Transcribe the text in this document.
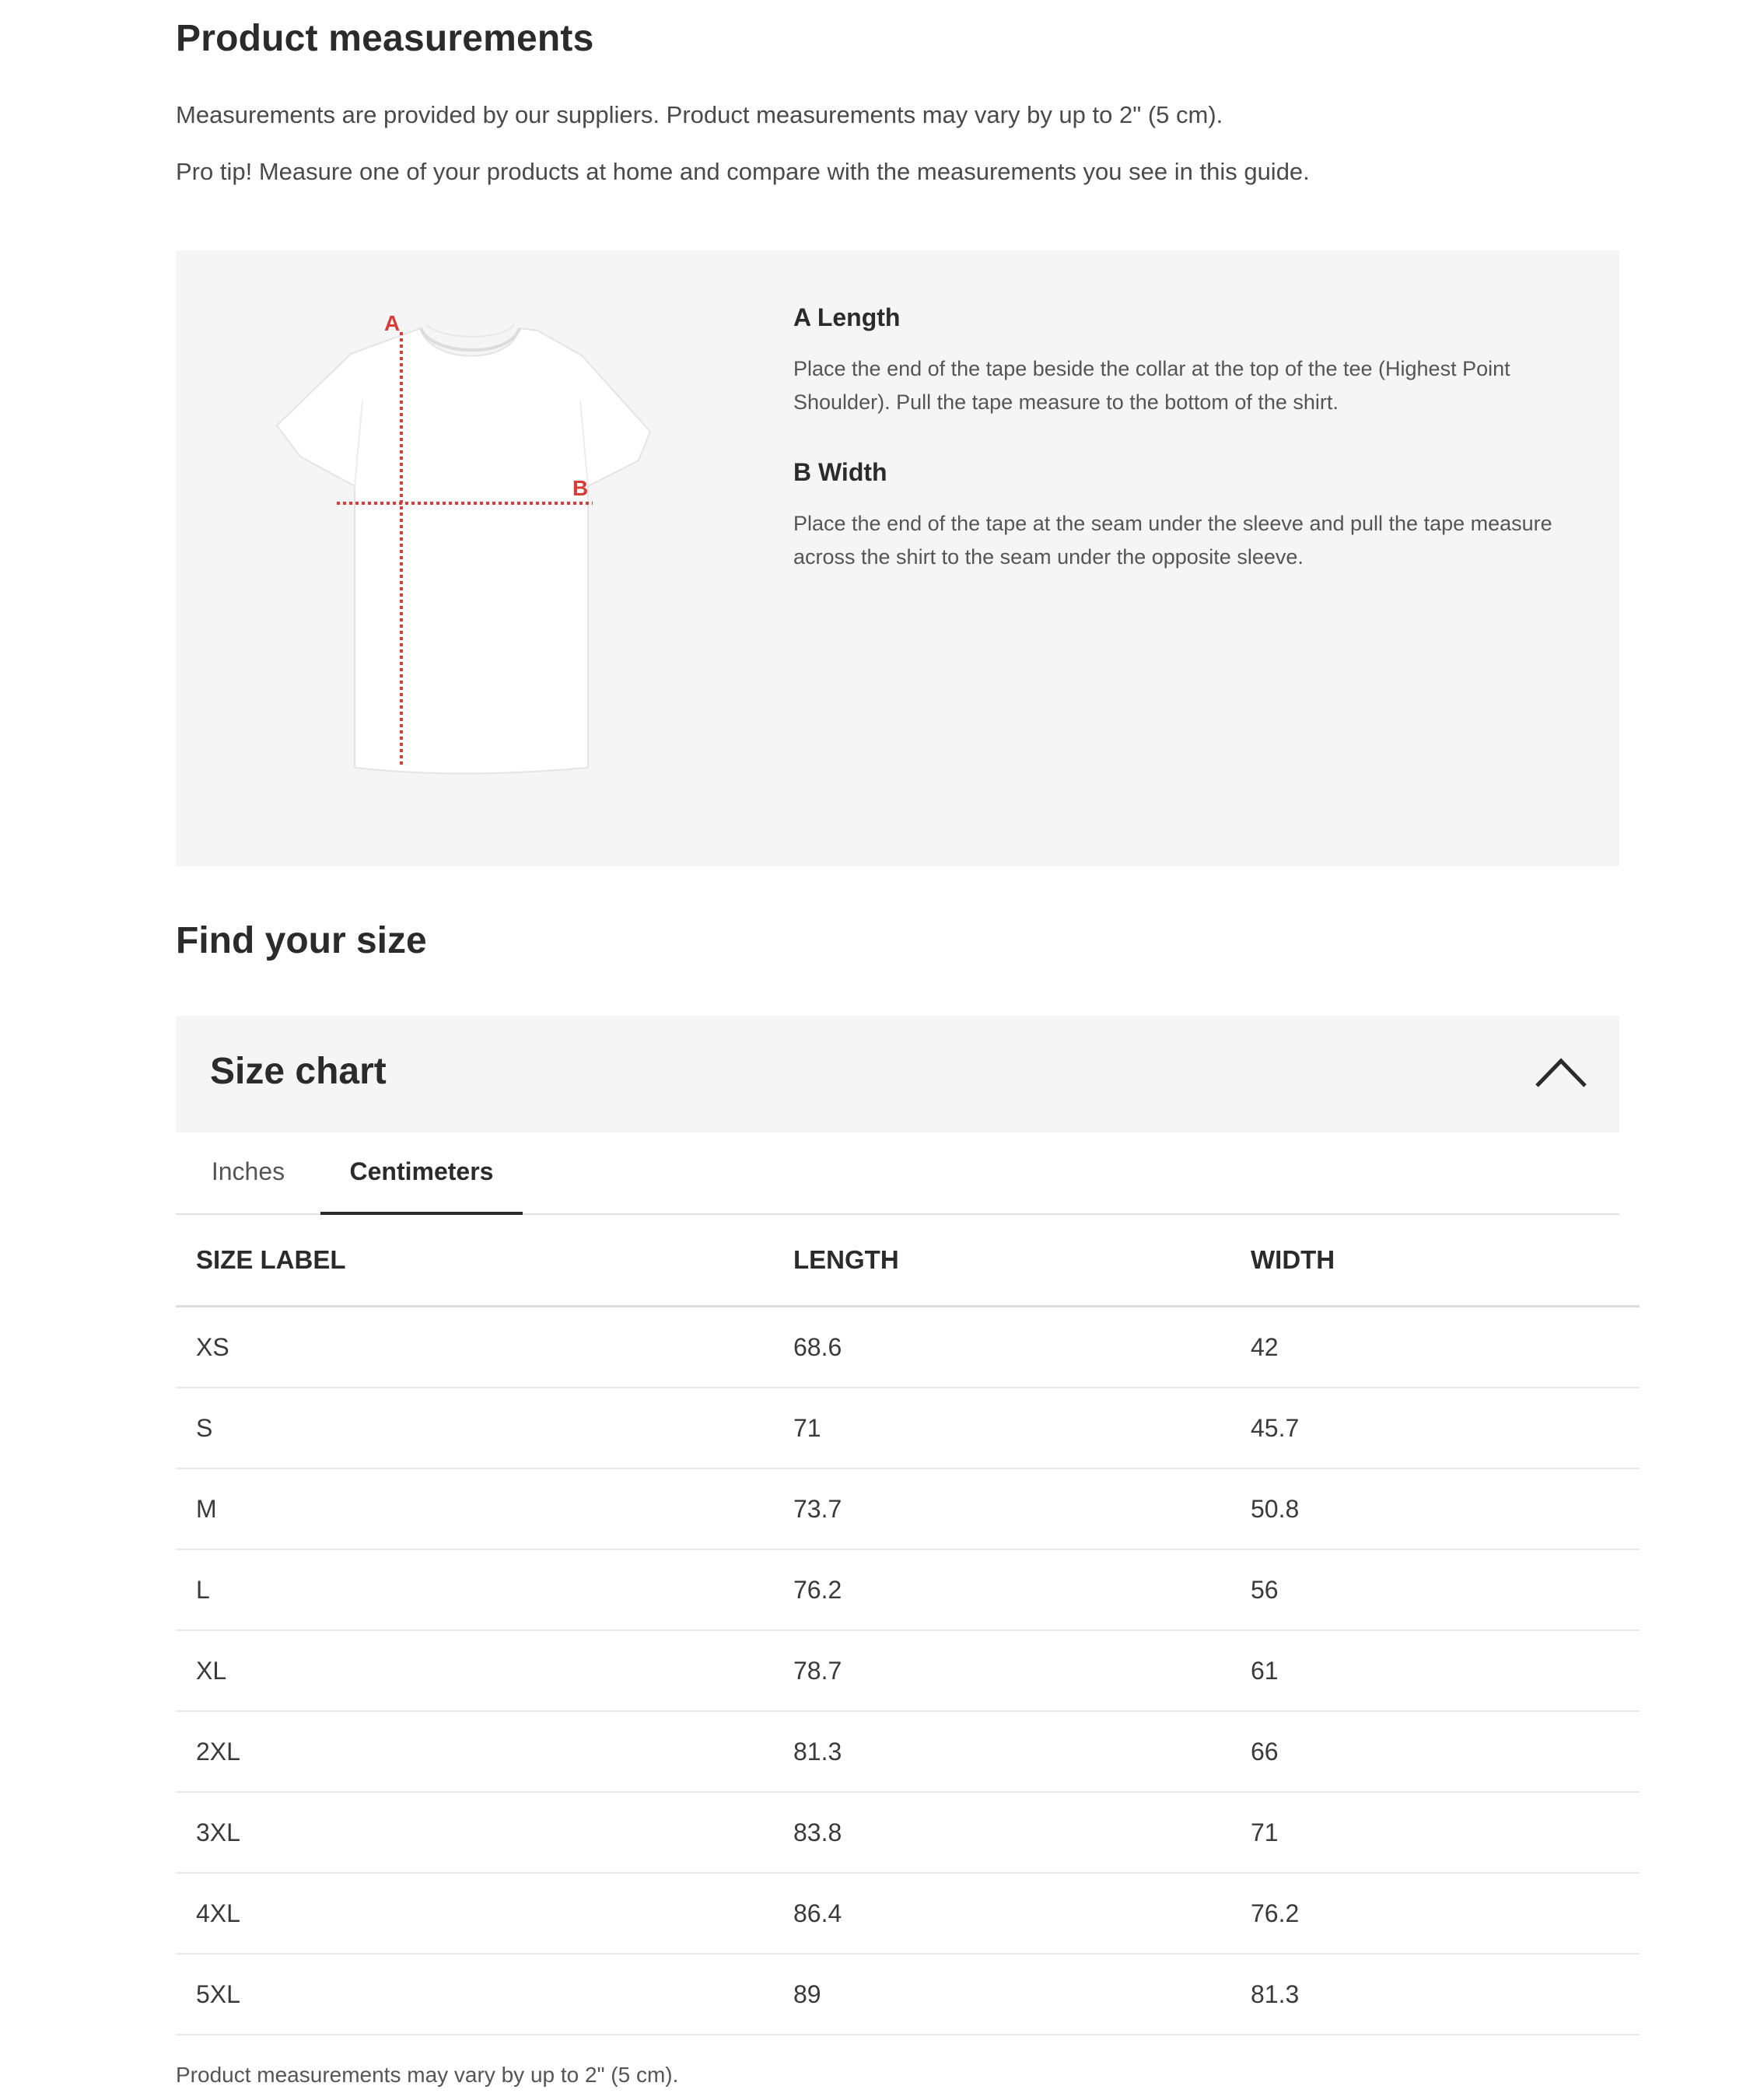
Product measurements

Measurements are provided by our suppliers. Product measurements may vary by up to 2" (5 cm).

Pro tip! Measure one of your products at home and compare with the measurements you see in this guide.

A
B
A Length

Place the end of the tape beside the collar at the top of the tee (Highest Point Shoulder). Pull the tape measure to the bottom of the shirt.

B Width

Place the end of the tape at the seam under the sleeve and pull the tape measure across the shirt to the seam under the opposite sleeve.

Find your size
Size chart
Inches	Centimeters
SIZE LABEL	LENGTH	WIDTH
XS	68.6	42
S	71	45.7
M	73.7	50.8
L	76.2	56
XL	78.7	61
2XL	81.3	66
3XL	83.8	71
4XL	86.4	76.2
5XL	89	81.3

Product measurements may vary by up to 2" (5 cm).
